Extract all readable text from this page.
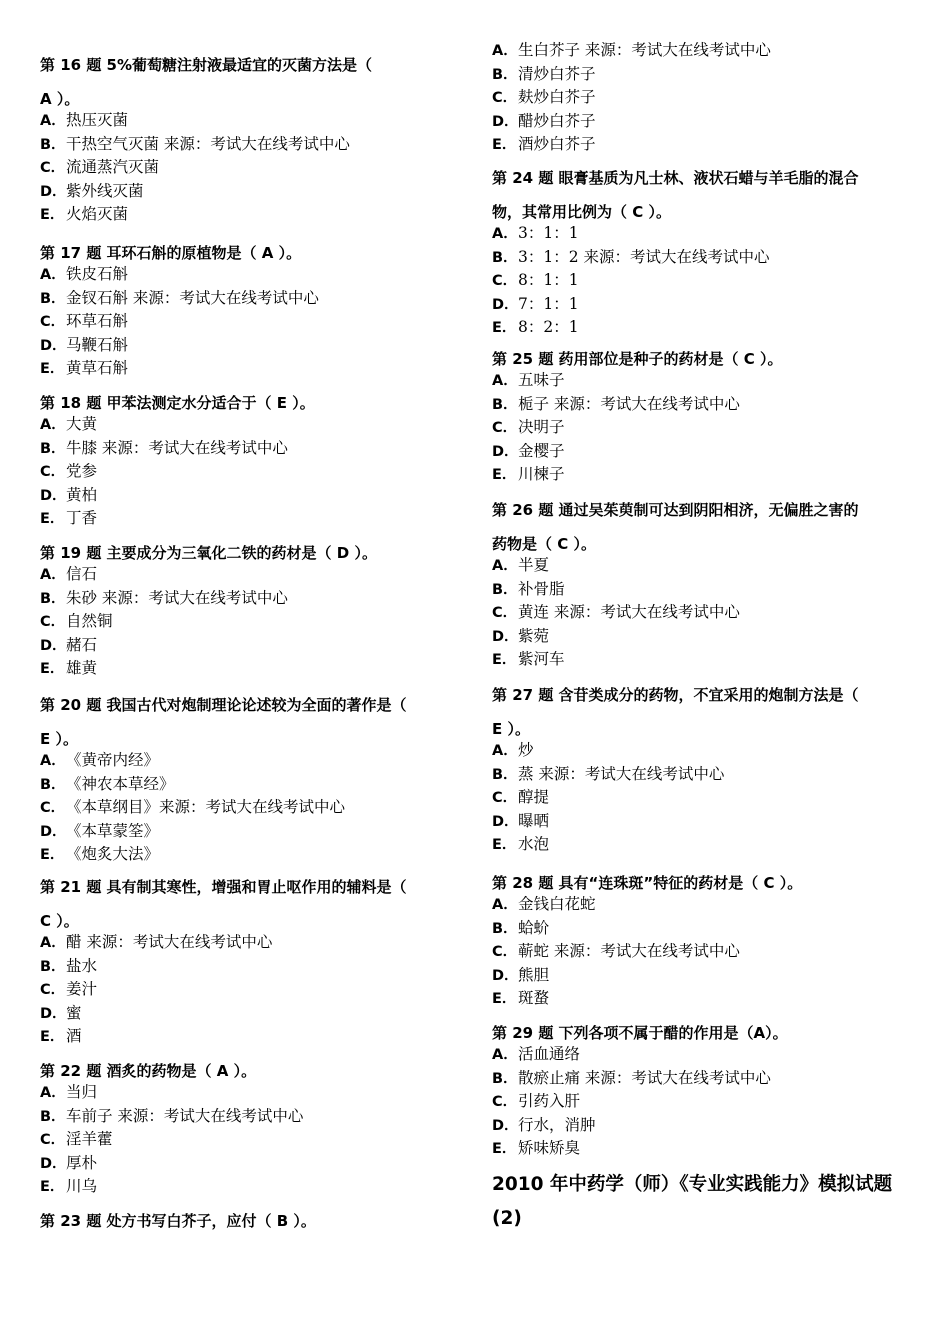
第 16 题 5%葡萄糖注射液最适宜的灭菌方法是（
A ）。
A．热压灭菌
B．干热空气灭菌 来源：考试大在线考试中心
C．流通蒸汽灭菌
D．紫外线灭菌
E． 火焰灭菌
第 17 题 耳环石斛的原植物是（ A ）。
A．铁皮石斛
B．金钗石斛 来源：考试大在线考试中心
C．环草石斛
D．马鞭石斛
E． 黄草石斛
第 18 题 甲苯法测定水分适合于（ E ）。
A．大黄
B．牛膝 来源：考试大在线考试中心
C．党参
D．黄柏
E． 丁香
第 19 题 主要成分为三氧化二铁的药材是（ D ）。
A．信石
B．朱砂 来源：考试大在线考试中心
C．自然铜
D．赭石
E． 雄黄
第 20 题 我国古代对炮制理论论述较为全面的著作是（
E ）。
A．《黄帝内经》
B．《神农本草经》
C．《本草纲目》来源：考试大在线考试中心
D．《本草蒙筌》
E． 《炮炙大法》
第 21 题 具有制其寒性，增强和胃止呕作用的辅料是（
C ）。
A．醋 来源：考试大在线考试中心
B．盐水
C．姜汁
D．蜜
E． 酒
第 22 题 酒炙的药物是（ A ）。
A．当归
B．车前子 来源：考试大在线考试中心
C．淫羊藿
D．厚朴
E． 川乌
第 23 题 处方书写白芥子，应付（ B ）。
2010 年中药学（师）《专业实践能力》模拟试题
(2)
A．生白芥子 来源：考试大在线考试中心
B．清炒白芥子
C．麸炒白芥子
D．醋炒白芥子
E． 酒炒白芥子
第 24 题 眼膏基质为凡士林、液状石蜡与羊毛脂的混合
物，其常用比例为（ C ）。
A．3：1：1
B．3：1：2 来源：考试大在线考试中心
C．8：1：1
D．7：1：1
E． 8：2：1
第 25 题 药用部位是种子的药材是（ C ）。
A．五味子
B．栀子 来源：考试大在线考试中心
C．决明子
D．金樱子
E． 川楝子
第 26 题 通过吴茱萸制可达到阴阳相济，无偏胜之害的
药物是（ C ）。
A．半夏
B．补骨脂
C．黄连 来源：考试大在线考试中心
D．紫菀
E． 紫河车
第 27 题 含苷类成分的药物，不宜采用的炮制方法是（
E ）。
A．炒
B．蒸 来源：考试大在线考试中心
C．醇提
D．曝晒
E． 水泡
第 28 题 具有“连珠斑”特征的药材是（ C ）。
A．金钱白花蛇
B．蛤蚧
C．蕲蛇 来源：考试大在线考试中心
D．熊胆
E． 斑蝥
第 29 题 下列各项不属于醋的作用是（A）。
A．活血通络
B．散瘀止痛 来源：考试大在线考试中心
C．引药入肝
D．行水，消肿
E． 矫味矫臭
